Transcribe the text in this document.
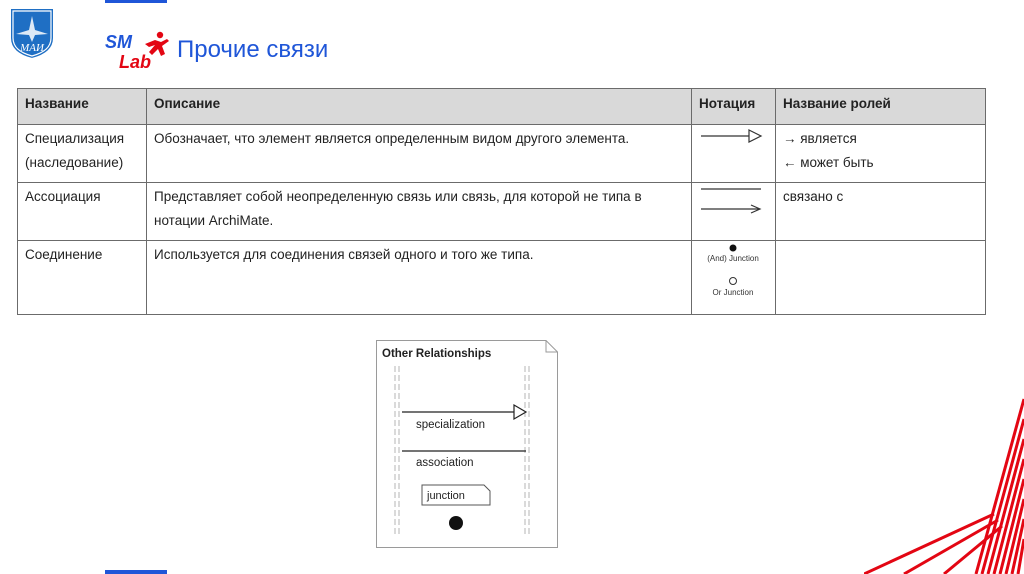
МАИ	SM
Lab Прочие связи
Название	Описание	Нотация	Название ролей
Специализация (наследование)	Обозначает, что элемент является определенным видом другого элемента.		→ является
← может быть

Ассоциация	Представляет собой неопределенную связь или связь, для которой не типа в нотации ArchiMate.		связано с

Соединение	Используется для соединения связей одного и того же типа.	(And) Junction
Or Junction	

Other Relationships
specialization
association
junction
